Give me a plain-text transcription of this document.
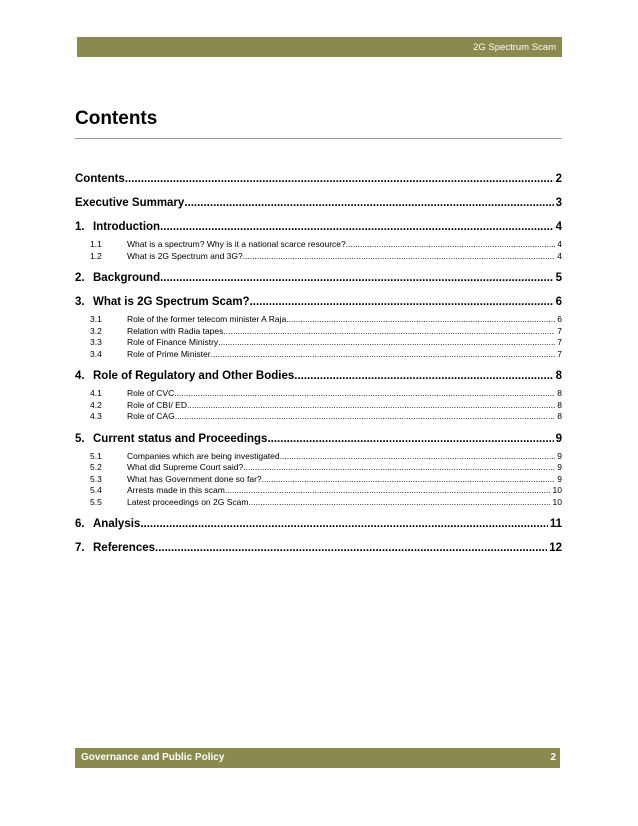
2G Spectrum Scam
Contents
Contents .....	2
Executive Summary .....	3
1. Introduction .....	4
1.1	What is a spectrum? Why is it a national scarce resource? .....	4
1.2	What is 2G Spectrum and 3G? .....	4
2. Background .....	5
3. What is 2G Spectrum Scam? .....	6
3.1	Role of the former telecom minister A Raja .....	6
3.2	Relation with Radia tapes .....	7
3.3	Role of Finance Ministry .....	7
3.4	Role of Prime Minister .....	7
4. Role of Regulatory and Other Bodies .....	8
4.1	Role of CVC .....	8
4.2	Role of CBI/ ED .....	8
4.3	Role of CAG .....	8
5. Current status and Proceedings .....	9
5.1	Companies which are being investigated .....	9
5.2	What did Supreme Court said? .....	9
5.3	What has Government done so far? .....	9
5.4	Arrests made in this scam .....	10
5.5	Latest proceedings on 2G Scam .....	10
6. Analysis .....	11
7. References .....	12
Governance and Public Policy	2
